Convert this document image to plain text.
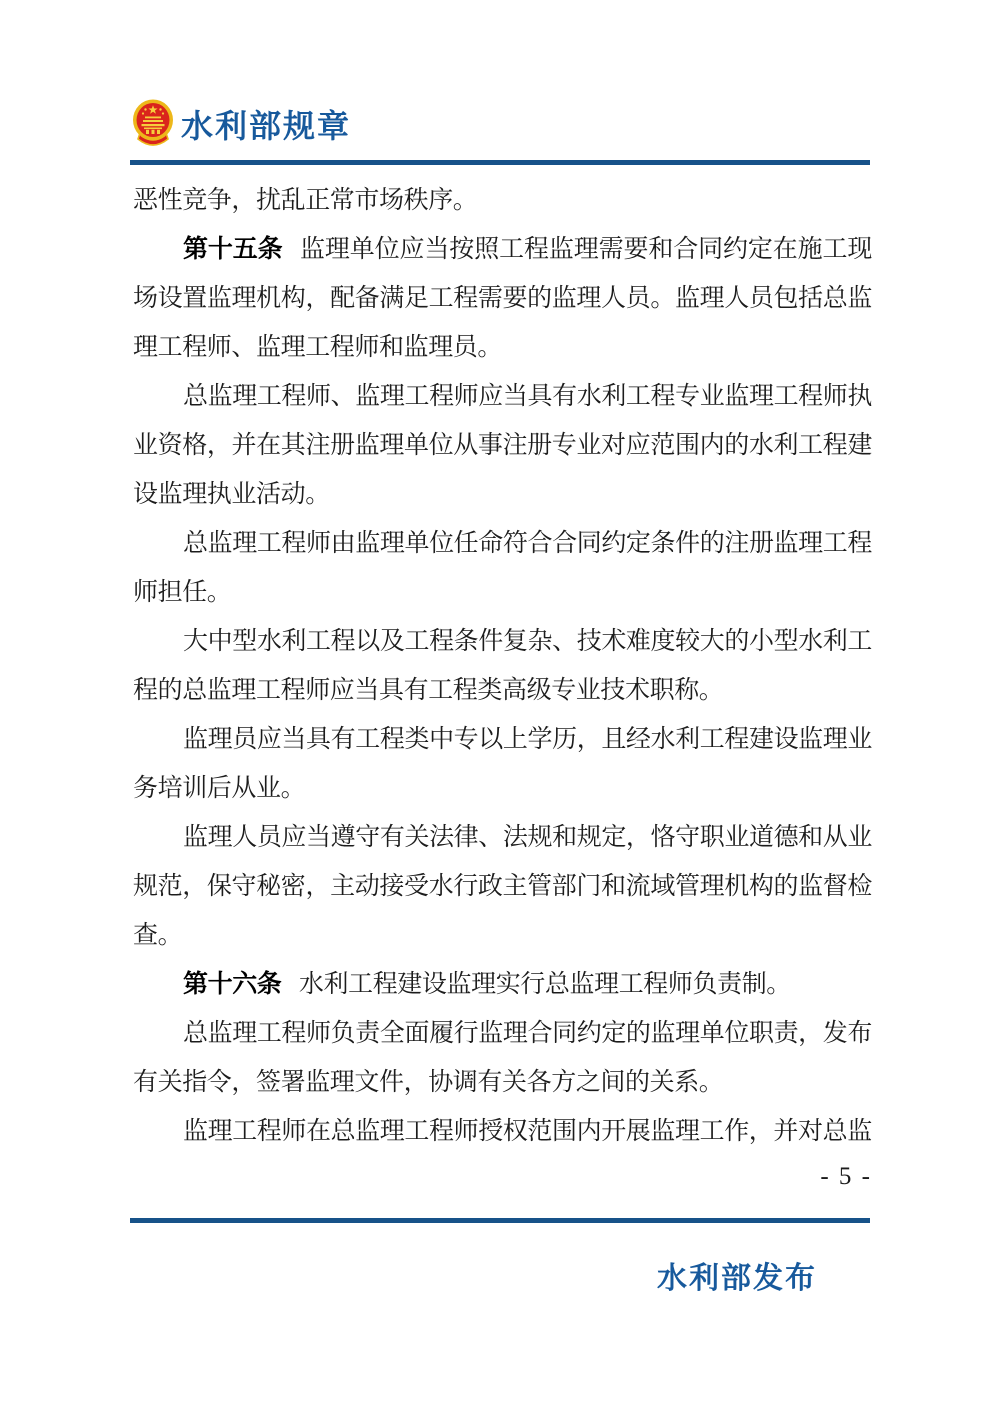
水利部规章

恶性竞争，扰乱正常市场秩序。

第十五条 监理单位应当按照工程监理需要和合同约定在施工现场设置监理机构，配备满足工程需要的监理人员。监理人员包括总监理工程师、监理工程师和监理员。

总监理工程师、监理工程师应当具有水利工程专业监理工程师执业资格，并在其注册监理单位从事注册专业对应范围内的水利工程建设监理执业活动。

总监理工程师由监理单位任命符合合同约定条件的注册监理工程师担任。

大中型水利工程以及工程条件复杂、技术难度较大的小型水利工程的总监理工程师应当具有工程类高级专业技术职称。

监理员应当具有工程类中专以上学历，且经水利工程建设监理业务培训后从业。

监理人员应当遵守有关法律、法规和规定，恪守职业道德和从业规范，保守秘密，主动接受水行政主管部门和流域管理机构的监督检查。

第十六条 水利工程建设监理实行总监理工程师负责制。

总监理工程师负责全面履行监理合同约定的监理单位职责，发布有关指令，签署监理文件，协调有关各方之间的关系。

监理工程师在总监理工程师授权范围内开展监理工作，并对总监

- 5 -
水利部发布
